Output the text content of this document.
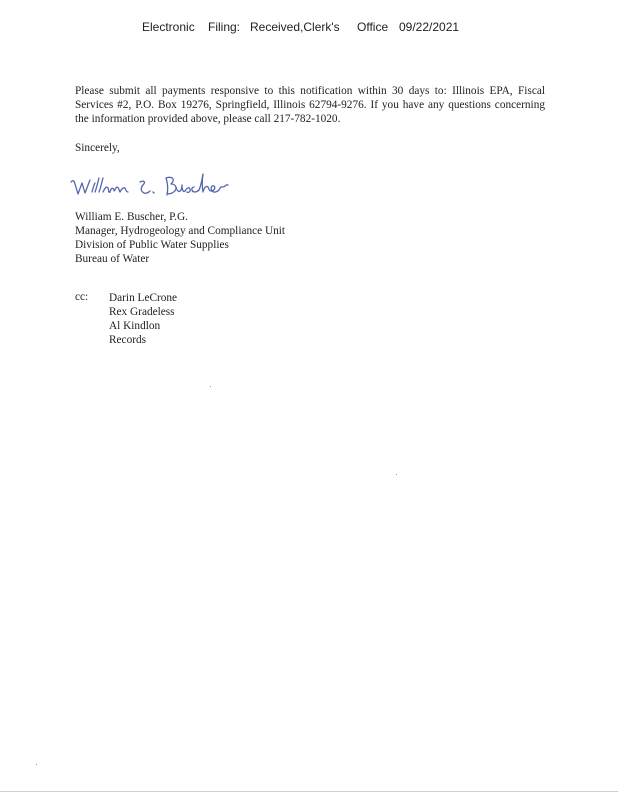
Electronic Filing: Received,Clerk's Office 09/22/2021
Please submit all payments responsive to this notification within 30 days to: Illinois EPA, Fiscal Services #2, P.O. Box 19276, Springfield, Illinois 62794-9276. If you have any questions concerning the information provided above, please call 217-782-1020.
Sincerely,
William E. Buscher, P.G.
Manager, Hydrogeology and Compliance Unit
Division of Public Water Supplies
Bureau of Water
cc: Darin LeCrone
Rex Gradeless
Al Kindlon
Records
